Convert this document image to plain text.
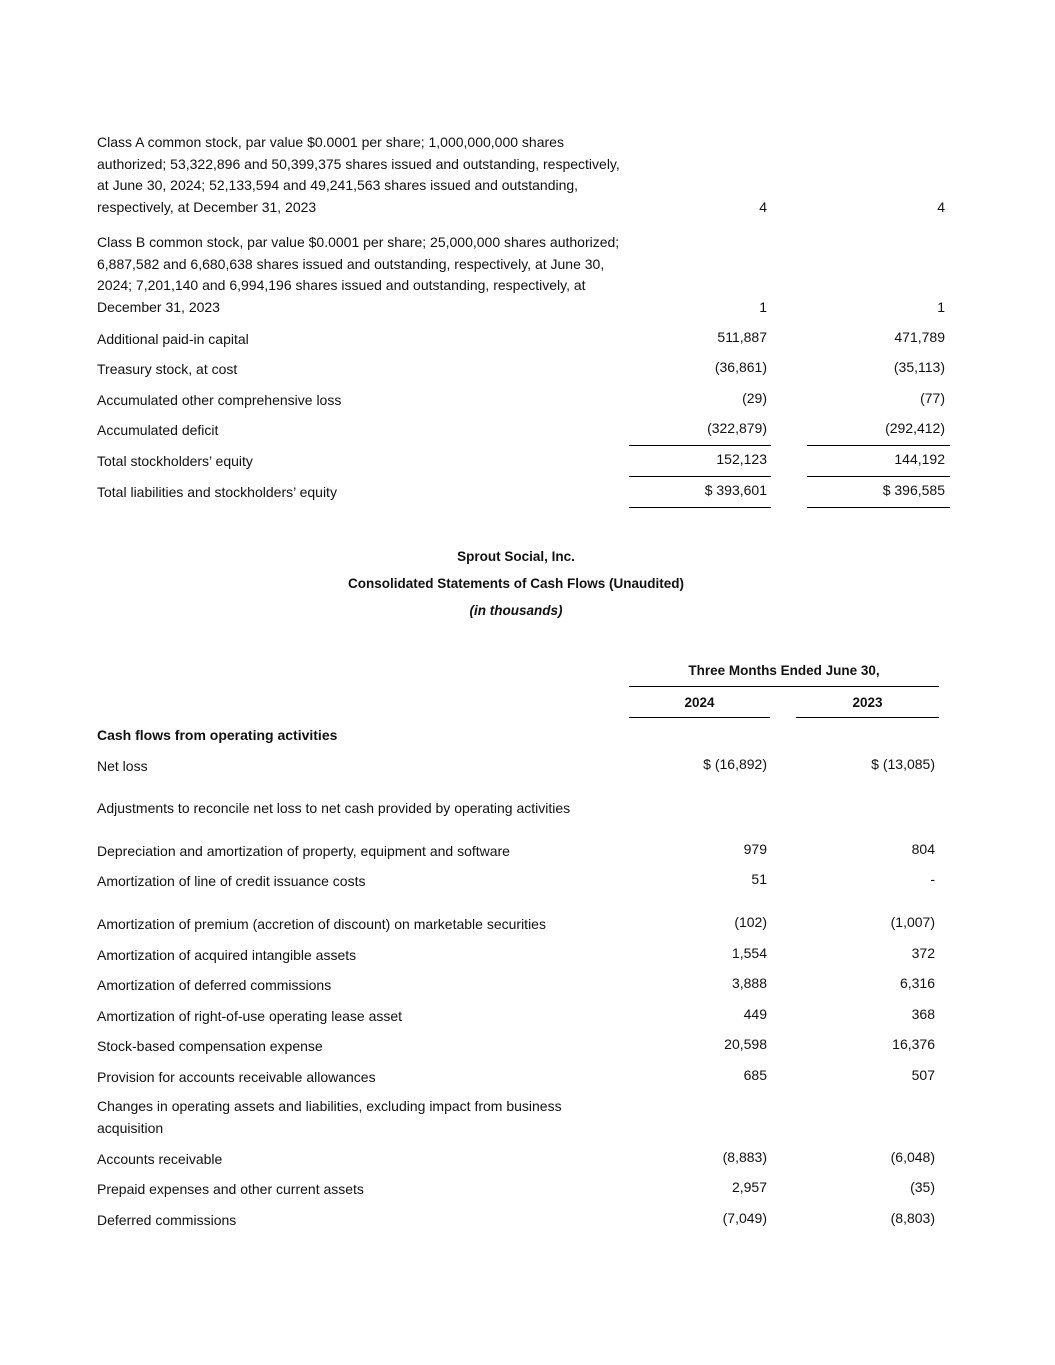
Class A common stock, par value $0.0001 per share; 1,000,000,000 shares authorized; 53,322,896 and 50,399,375 shares issued and outstanding, respectively, at June 30, 2024; 52,133,594 and 49,241,563 shares issued and outstanding, respectively, at December 31, 2023	4	4
Class B common stock, par value $0.0001 per share; 25,000,000 shares authorized; 6,887,582 and 6,680,638 shares issued and outstanding, respectively, at June 30, 2024; 7,201,140 and 6,994,196 shares issued and outstanding, respectively, at December 31, 2023	1	1
Additional paid-in capital	511,887	471,789
Treasury stock, at cost	(36,861)	(35,113)
Accumulated other comprehensive loss	(29)	(77)
Accumulated deficit	(322,879)	(292,412)
Total stockholders’ equity	152,123	144,192
Total liabilities and stockholders’ equity	$ 393,601	$ 396,585
Sprout Social, Inc.
Consolidated Statements of Cash Flows (Unaudited)
(in thousands)
Three Months Ended June 30,
2024	2023
Cash flows from operating activities
Net loss	$ (16,892)	$ (13,085)
Adjustments to reconcile net loss to net cash provided by operating activities
Depreciation and amortization of property, equipment and software	979	804
Amortization of line of credit issuance costs	51	-
Amortization of premium (accretion of discount) on marketable securities	(102)	(1,007)
Amortization of acquired intangible assets	1,554	372
Amortization of deferred commissions	3,888	6,316
Amortization of right-of-use operating lease asset	449	368
Stock-based compensation expense	20,598	16,376
Provision for accounts receivable allowances	685	507
Changes in operating assets and liabilities, excluding impact from business acquisition
Accounts receivable	(8,883)	(6,048)
Prepaid expenses and other current assets	2,957	(35)
Deferred commissions	(7,049)	(8,803)
